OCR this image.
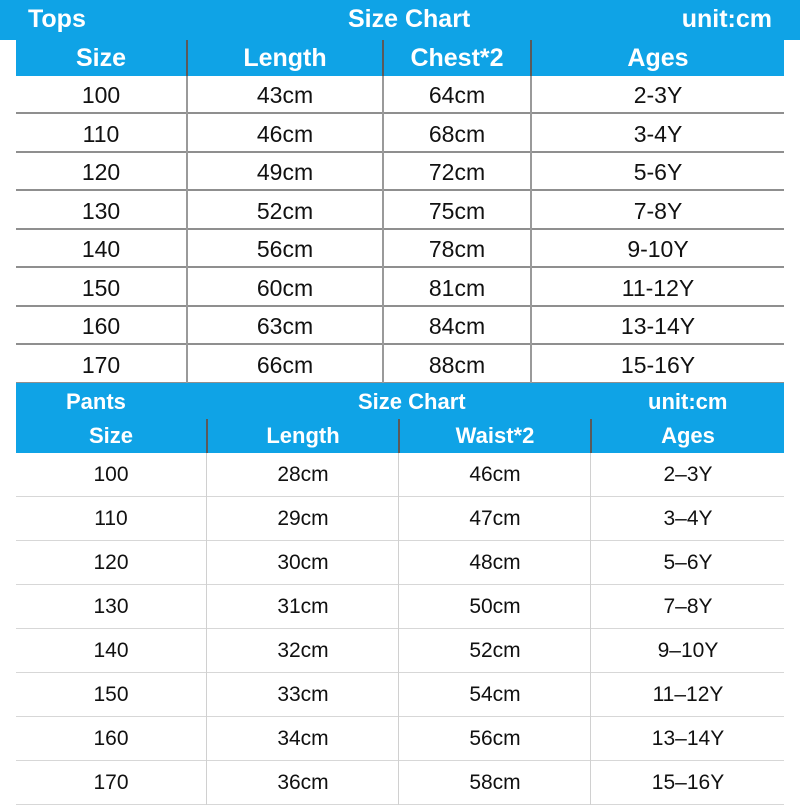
Tops	Size Chart	unit:cm
Size	Length	Chest*2	Ages
100	43cm	64cm	2-3Y
110	46cm	68cm	3-4Y
120	49cm	72cm	5-6Y
130	52cm	75cm	7-8Y
140	56cm	78cm	9-10Y
150	60cm	81cm	11-12Y
160	63cm	84cm	13-14Y
170	66cm	88cm	15-16Y
Pants	Size Chart	unit:cm
Size	Length	Waist*2	Ages
100	28cm	46cm	2–3Y
110	29cm	47cm	3–4Y
120	30cm	48cm	5–6Y
130	31cm	50cm	7–8Y
140	32cm	52cm	9–10Y
150	33cm	54cm	11–12Y
160	34cm	56cm	13–14Y
170	36cm	58cm	15–16Y
